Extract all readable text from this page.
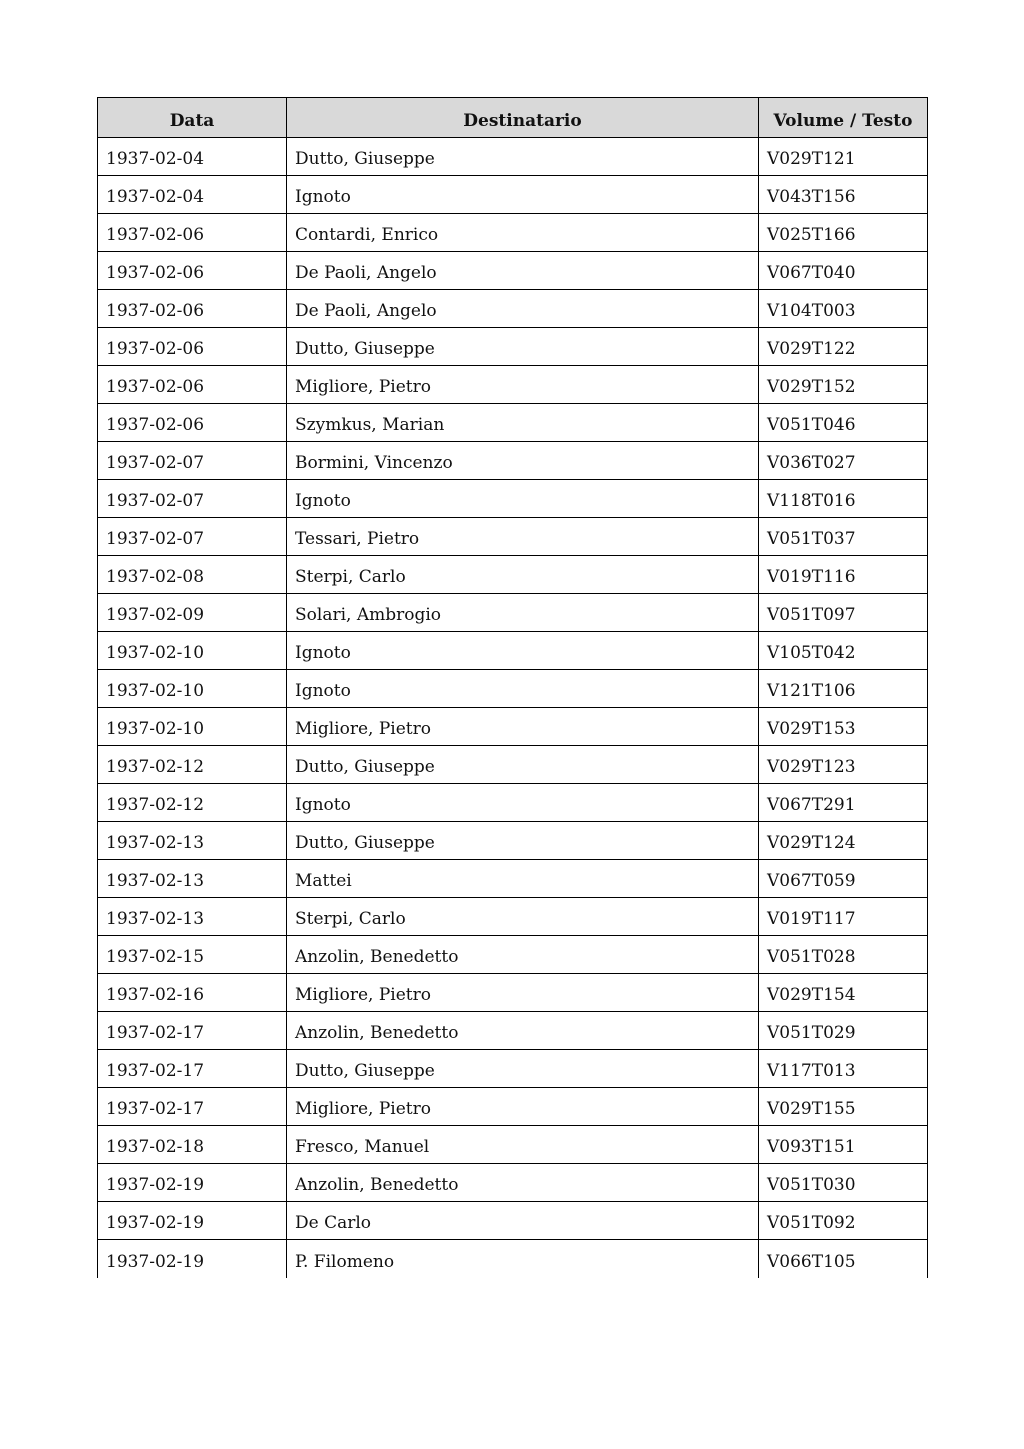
Data	Destinatario	Volume / Testo
1937-02-04	Dutto, Giuseppe	V029T121
1937-02-04	Ignoto	V043T156
1937-02-06	Contardi, Enrico	V025T166
1937-02-06	De Paoli, Angelo	V067T040
1937-02-06	De Paoli, Angelo	V104T003
1937-02-06	Dutto, Giuseppe	V029T122
1937-02-06	Migliore, Pietro	V029T152
1937-02-06	Szymkus, Marian	V051T046
1937-02-07	Bormini, Vincenzo	V036T027
1937-02-07	Ignoto	V118T016
1937-02-07	Tessari, Pietro	V051T037
1937-02-08	Sterpi, Carlo	V019T116
1937-02-09	Solari, Ambrogio	V051T097
1937-02-10	Ignoto	V105T042
1937-02-10	Ignoto	V121T106
1937-02-10	Migliore, Pietro	V029T153
1937-02-12	Dutto, Giuseppe	V029T123
1937-02-12	Ignoto	V067T291
1937-02-13	Dutto, Giuseppe	V029T124
1937-02-13	Mattei	V067T059
1937-02-13	Sterpi, Carlo	V019T117
1937-02-15	Anzolin, Benedetto	V051T028
1937-02-16	Migliore, Pietro	V029T154
1937-02-17	Anzolin, Benedetto	V051T029
1937-02-17	Dutto, Giuseppe	V117T013
1937-02-17	Migliore, Pietro	V029T155
1937-02-18	Fresco, Manuel	V093T151
1937-02-19	Anzolin, Benedetto	V051T030
1937-02-19	De Carlo	V051T092
1937-02-19	P. Filomeno	V066T105
